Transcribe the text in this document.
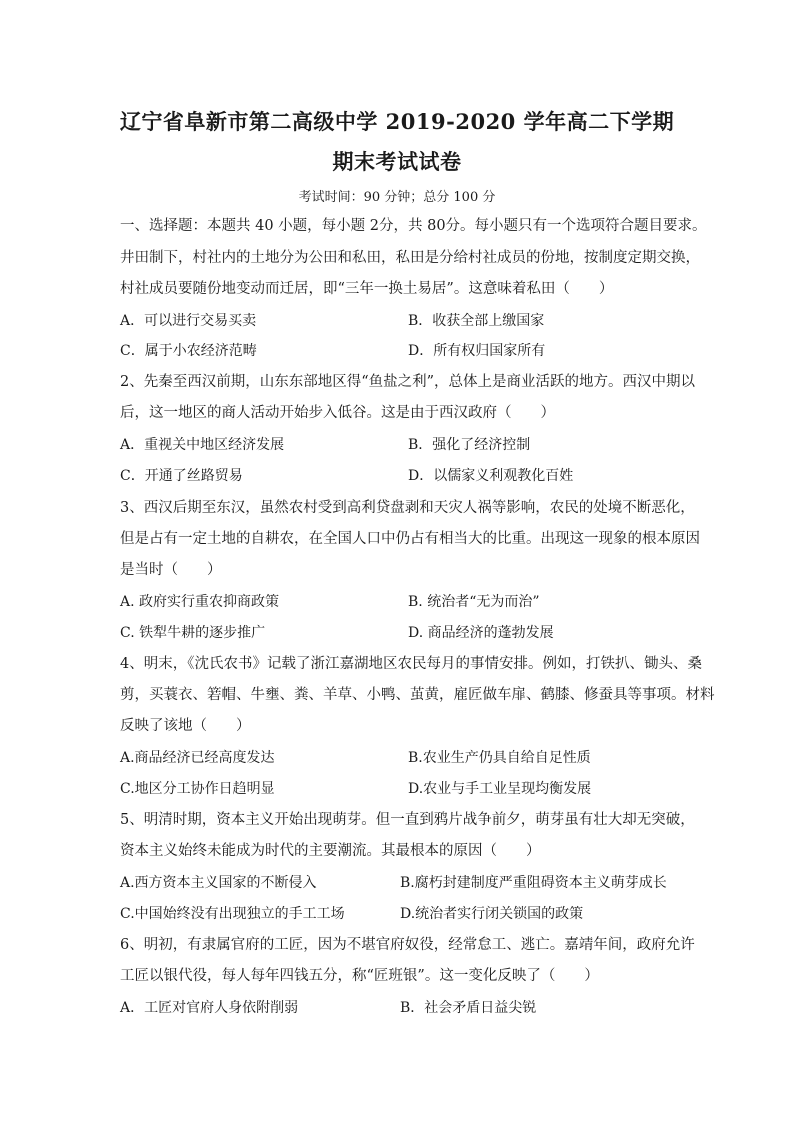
辽宁省阜新市第二高级中学 2019-2020 学年高二下学期
期末考试试卷
考试时间：90 分钟；总分 100 分
一、选择题：本题共 40 小题，每小题 2分，共 80分。每小题只有一个选项符合题目要求。
井田制下，村社内的土地分为公田和私田，私田是分给村社成员的份地，按制度定期交换，
村社成员要随份地变动而迁居，即“三年一换土易居”。这意味着私田（　　）
A．可以进行交易买卖	B．收获全部上缴国家
C．属于小农经济范畴	D．所有权归国家所有
2、先秦至西汉前期，山东东部地区得“鱼盐之利”，总体上是商业活跃的地方。西汉中期以
后，这一地区的商人活动开始步入低谷。这是由于西汉政府（　　）
A．重视关中地区经济发展	B．强化了经济控制
C．开通了丝路贸易	D．以儒家义利观教化百姓
3、西汉后期至东汉，虽然农村受到高利贷盘剥和天灾人祸等影响，农民的处境不断恶化，
但是占有一定土地的自耕农，在全国人口中仍占有相当大的比重。出现这一现象的根本原因
是当时（　　）
A. 政府实行重农抑商政策	B. 统治者“无为而治”
C. 铁犁牛耕的逐步推广	D. 商品经济的蓬勃发展
4、明末，《沈氏农书》记载了浙江嘉湖地区农民每月的事情安排。例如，打铁扒、锄头、桑
剪，买蓑衣、箬帽、牛壅、粪、羊草、小鸭、茧黄，雇匠做车扉、鹤膝、修蚕具等事项。材料
反映了该地（　　）
A.商品经济已经高度发达	B.农业生产仍具自给自足性质
C.地区分工协作日趋明显	D.农业与手工业呈现均衡发展
5、明清时期，资本主义开始出现萌芽。但一直到鸦片战争前夕，萌芽虽有壮大却无突破，
资本主义始终未能成为时代的主要潮流。其最根本的原因（　　）
A.西方资本主义国家的不断侵入	B.腐朽封建制度严重阻碍资本主义萌芽成长
C.中国始终没有出现独立的手工工场	D.统治者实行闭关锁国的政策
6、明初，有隶属官府的工匠，因为不堪官府奴役，经常怠工、逃亡。嘉靖年间，政府允许
工匠以银代役，每人每年四钱五分，称“匠班银”。这一变化反映了（　　）
A．工匠对官府人身依附削弱	B．社会矛盾日益尖锐
